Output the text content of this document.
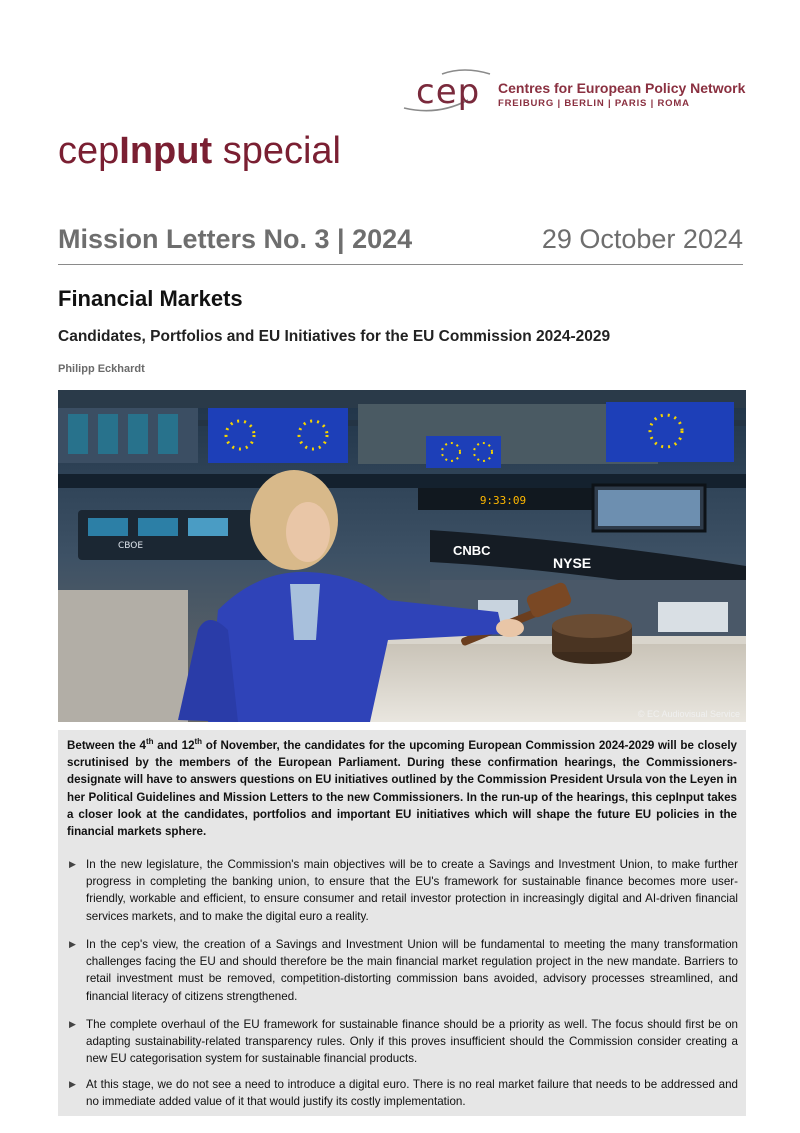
cep Centres for European Policy Network
FREIBURG | BERLIN | PARIS | ROMA
cepInput special
Mission Letters No. 3 | 2024	29 October 2024
Financial Markets
Candidates, Portfolios and EU Initiatives for the EU Commission 2024-2029
Philipp Eckhardt
9:33:09
CBOE	CNBC
NYSE
© EC Audiovisual Service

Between the 4th and 12th of November, the candidates for the upcoming European Commission 2024-2029 will be closely scrutinised by the members of the European Parliament. During these confirmation hearings, the Commissioners-designate will have to answers questions on EU initiatives outlined by the Commission President Ursula von the Leyen in her Political Guidelines and Mission Letters to the new Commissioners. In the run-up of the hearings, this cepInput takes a closer look at the candidates, portfolios and important EU initiatives which will shape the future EU policies in the financial markets sphere.

▶ In the new legislature, the Commission's main objectives will be to create a Savings and Investment Union, to make further progress in completing the banking union, to ensure that the EU's framework for sustainable finance becomes more user-friendly, workable and efficient, to ensure consumer and retail investor protection in increasingly digital and AI-driven financial services markets, and to make the digital euro a reality.

▶ In the cep's view, the creation of a Savings and Investment Union will be fundamental to meeting the many transformation challenges facing the EU and should therefore be the main financial market regulation project in the new mandate. Barriers to retail investment must be removed, competition-distorting commission bans avoided, advisory processes streamlined, and financial literacy of citizens strengthened.

▶ The complete overhaul of the EU framework for sustainable finance should be a priority as well. The focus should first be on adapting sustainability-related transparency rules. Only if this proves insufficient should the Commission consider creating a new EU categorisation system for sustainable financial products.

▶ At this stage, we do not see a need to introduce a digital euro. There is no real market failure that needs to be addressed and no immediate added value of it that would justify its costly implementation.
